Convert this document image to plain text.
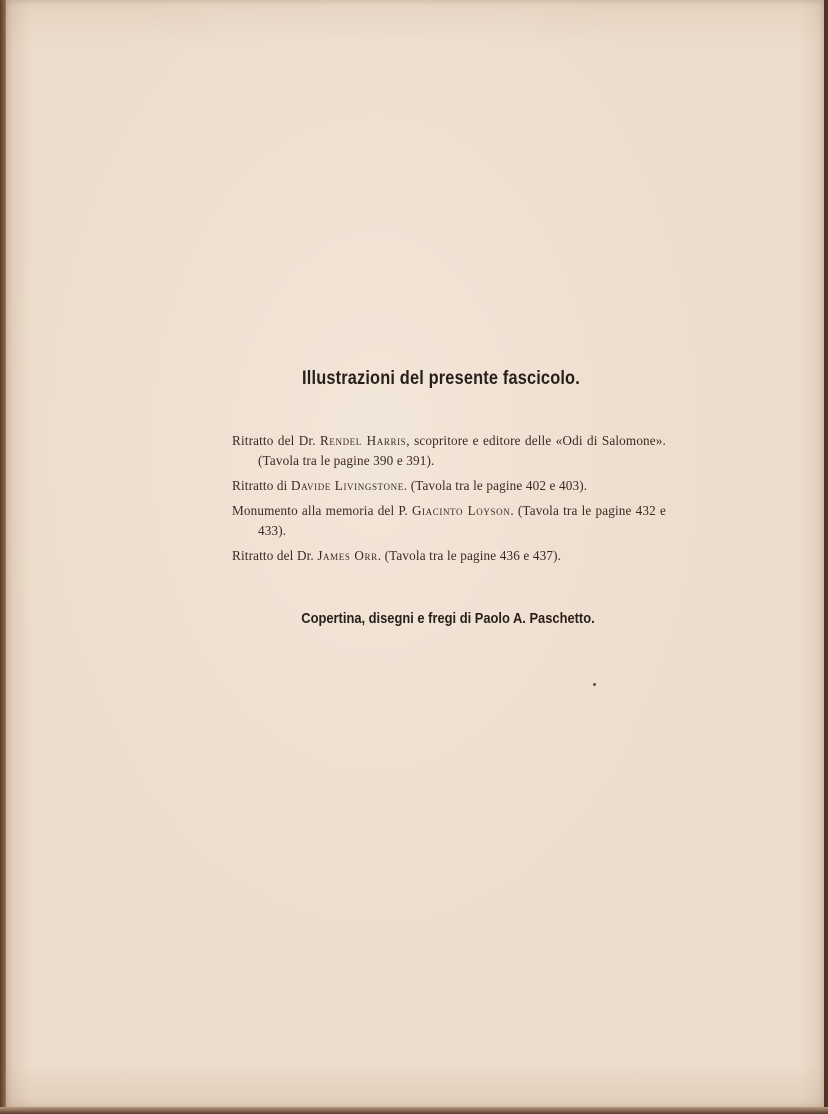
Illustrazioni del presente fascicolo.

Ritratto del Dr. Rendel Harris, scopritore e editore delle «Odi di Salomone». (Tavola tra le pagine 390 e 391).

Ritratto di Davide Livingstone. (Tavola tra le pagine 402 e 403).

Monumento alla memoria del P. Giacinto Loyson. (Tavola tra le pagine 432 e 433).

Ritratto del Dr. James Orr. (Tavola tra le pagine 436 e 437).

Copertina, disegni e fregi di Paolo A. Paschetto.
